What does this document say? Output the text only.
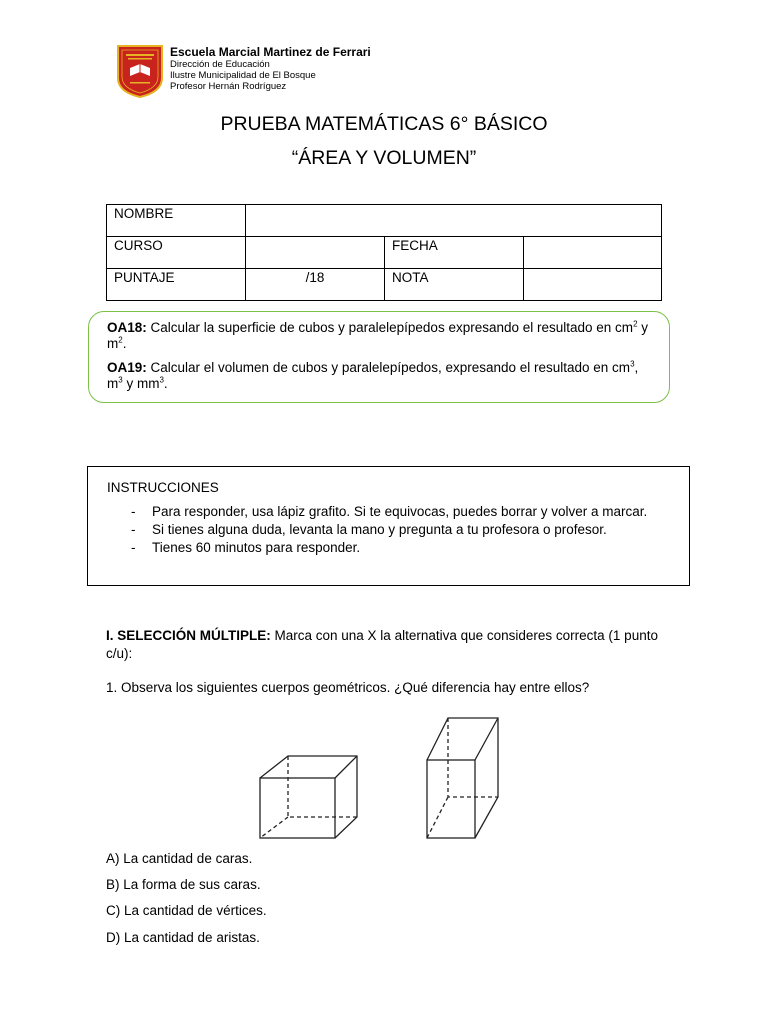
Escuela Marcial Martinez de Ferrari
Dirección de Educación
Ilustre Municipalidad de El Bosque
Profesor Hernán Rodríguez
PRUEBA MATEMÁTICAS 6° BÁSICO
“ÁREA Y VOLUMEN”
NOMBRE			
CURSO		FECHA	
PUNTAJE	/18	NOTA	

OA18: Calcular la superficie de cubos y paralelepípedos expresando el resultado en $cm^2$ y $m^2$.

OA19: Calcular el volumen de cubos y paralelepípedos, expresando el resultado en $cm^3$, $m^3$ y $mm^3$.

INSTRUCCIONES
- Para responder, usa lápiz grafito. Si te equivocas, puedes borrar y volver a marcar.
- Si tienes alguna duda, levanta la mano y pregunta a tu profesora o profesor.
- Tienes 60 minutos para responder.
I. SELECCIÓN MÚLTIPLE: Marca con una X la alternativa que consideres correcta (1 punto c/u):
1. Observa los siguientes cuerpos geométricos. ¿Qué diferencia hay entre ellos?
A) La cantidad de caras.
B) La forma de sus caras.
C) La cantidad de vértices.
D) La cantidad de aristas.
